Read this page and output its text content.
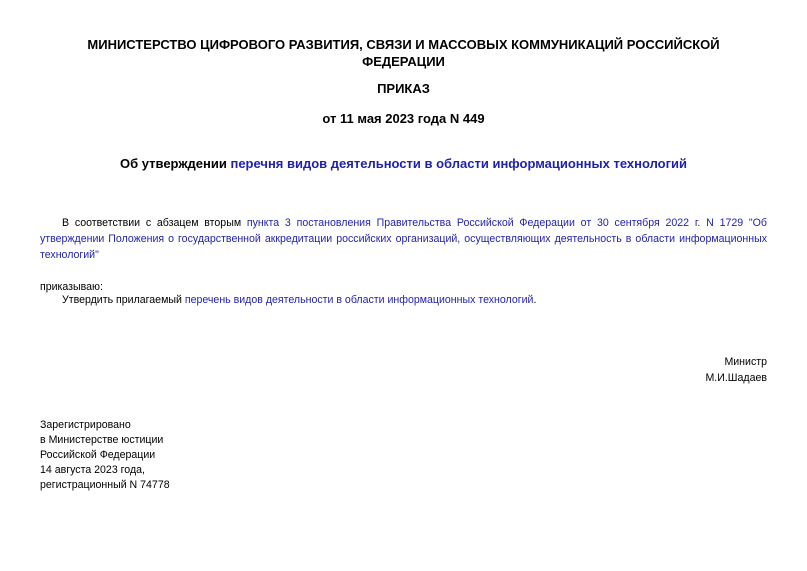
МИНИСТЕРСТВО ЦИФРОВОГО РАЗВИТИЯ, СВЯЗИ И МАССОВЫХ КОММУНИКАЦИЙ РОССИЙСКОЙ ФЕДЕРАЦИИ
ПРИКАЗ
от 11 мая 2023 года N 449
Об утверждении перечня видов деятельности в области информационных технологий
В соответствии с абзацем вторым пункта 3 постановления Правительства Российской Федерации от 30 сентября 2022 г. N 1729 "Об утверждении Положения о государственной аккредитации российских организаций, осуществляющих деятельность в области информационных технологий"
приказываю:
Утвердить прилагаемый перечень видов деятельности в области информационных технологий.
Министр
М.И.Шадаев
Зарегистрировано
в Министерстве юстиции
Российской Федерации
14 августа 2023 года,
регистрационный N 74778
